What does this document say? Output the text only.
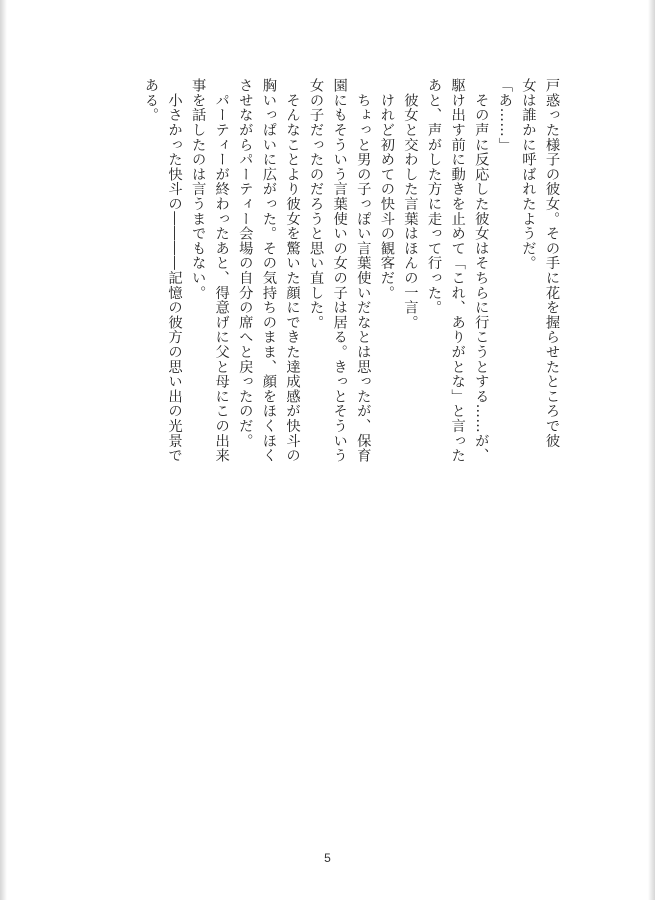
戸惑った様子の彼女。その手に花を握らせたところで彼
女は誰かに呼ばれたようだ。
「あ……」
　その声に反応した彼女はそちらに行こうとする……が、
駆け出す前に動きを止めて「これ、ありがとな」と言った
あと、声がした方に走って行った。
　彼女と交わした言葉はほんの一言。
　けれど初めての快斗の観客だ。
　ちょっと男の子っぽい言葉使いだなとは思ったが、保育
園にもそういう言葉使いの女の子は居る。きっとそういう
女の子だったのだろうと思い直した。
　そんなことより彼女を驚いた顔にできた達成感が快斗の
胸いっぱいに広がった。その気持ちのまま、顔をほくほく
させながらパーティー会場の自分の席へと戻ったのだ。
　パーティーが終わったあと、得意げに父と母にこの出来
事を話したのは言うまでもない。
　小さかった快斗の――――記憶の彼方の思い出の光景で
ある。
5
